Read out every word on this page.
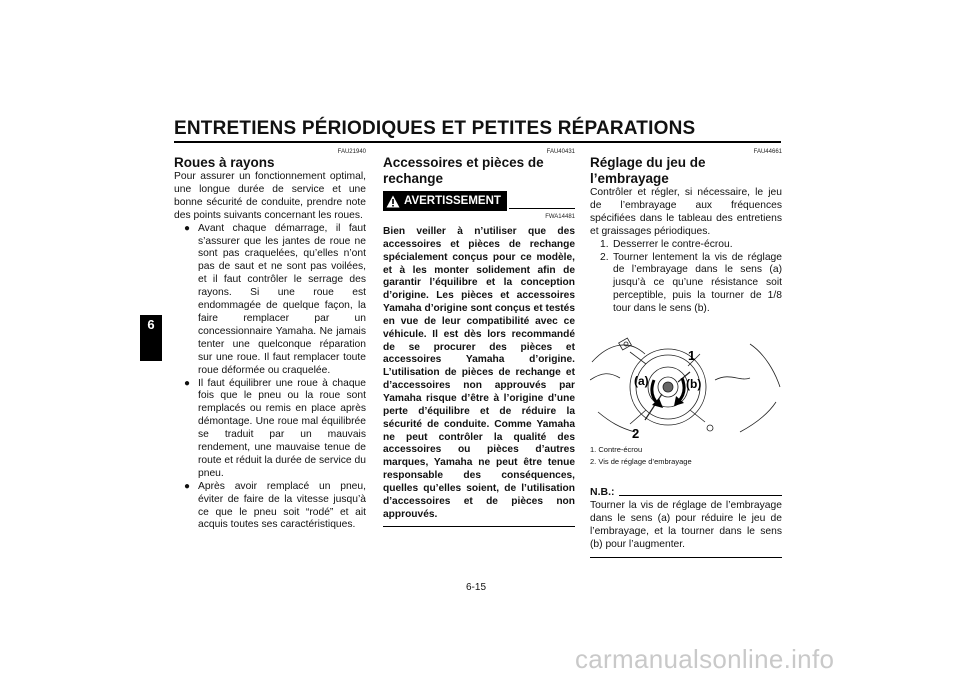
ENTRETIENS PÉRIODIQUES ET PETITES RÉPARATIONS
6
FAU21940
Roues à rayons

Pour assurer un fonctionnement optimal, une longue durée de service et une bonne sécurité de conduite, prendre note des points suivants concernant les roues.

● Avant chaque démarrage, il faut s’assurer que les jantes de roue ne sont pas craquelées, qu’elles n’ont pas de saut et ne sont pas voilées, et il faut contrôler le serrage des rayons. Si une roue est endommagée de quelque façon, la faire remplacer par un concessionnaire Yamaha. Ne jamais tenter une quelconque réparation sur une roue. Il faut remplacer toute roue déformée ou craquelée.
● Il faut équilibrer une roue à chaque fois que le pneu ou la roue sont remplacés ou remis en place après démontage. Une roue mal équilibrée se traduit par un mauvais rendement, une mauvaise tenue de route et réduit la durée de service du pneu.
● Après avoir remplacé un pneu, éviter de faire de la vitesse jusqu’à ce que le pneu soit “rodé” et ait acquis toutes ses caractéristiques.
FAU40431
Accessoires et pièces de rechange
AVERTISSEMENT
FWA14481
Bien veiller à n’utiliser que des accessoires et pièces de rechange spécialement conçus pour ce modèle, et à les monter solidement afin de garantir l’équilibre et la conception d’origine. Les pièces et accessoires Yamaha d’origine sont conçus et testés en vue de leur compatibilité avec ce véhicule. Il est dès lors recommandé de se procurer des pièces et accessoires Yamaha d’origine. L’utilisation de pièces de rechange et d’accessoires non approuvés par Yamaha risque d’être à l’origine d’une perte d’équilibre et de réduire la sécurité de conduite. Comme Yamaha ne peut contrôler la qualité des accessoires ou pièces d’autres marques, Yamaha ne peut être tenue responsable des conséquences, quelles qu’elles soient, de l’utilisation d’accessoires et de pièces non approuvés.
FAU44661
Réglage du jeu de l’embrayage

Contrôler et régler, si nécessaire, le jeu de l’embrayage aux fréquences spécifiées dans le tableau des entretiens et graissages périodiques.

1. Desserrer le contre-écrou.
2. Tourner lentement la vis de réglage de l’embrayage dans le sens (a) jusqu’à ce qu’une résistance soit perceptible, puis la tourner de 1/8 tour dans le sens (b).
1
2
(a)	(b)
1. Contre-écrou
2. Vis de réglage d’embrayage
N.B.:
Tourner la vis de réglage de l’embrayage dans le sens (a) pour réduire le jeu de l’embrayage, et la tourner dans le sens (b) pour l’augmenter.
6-15
carmanualsonline.info
